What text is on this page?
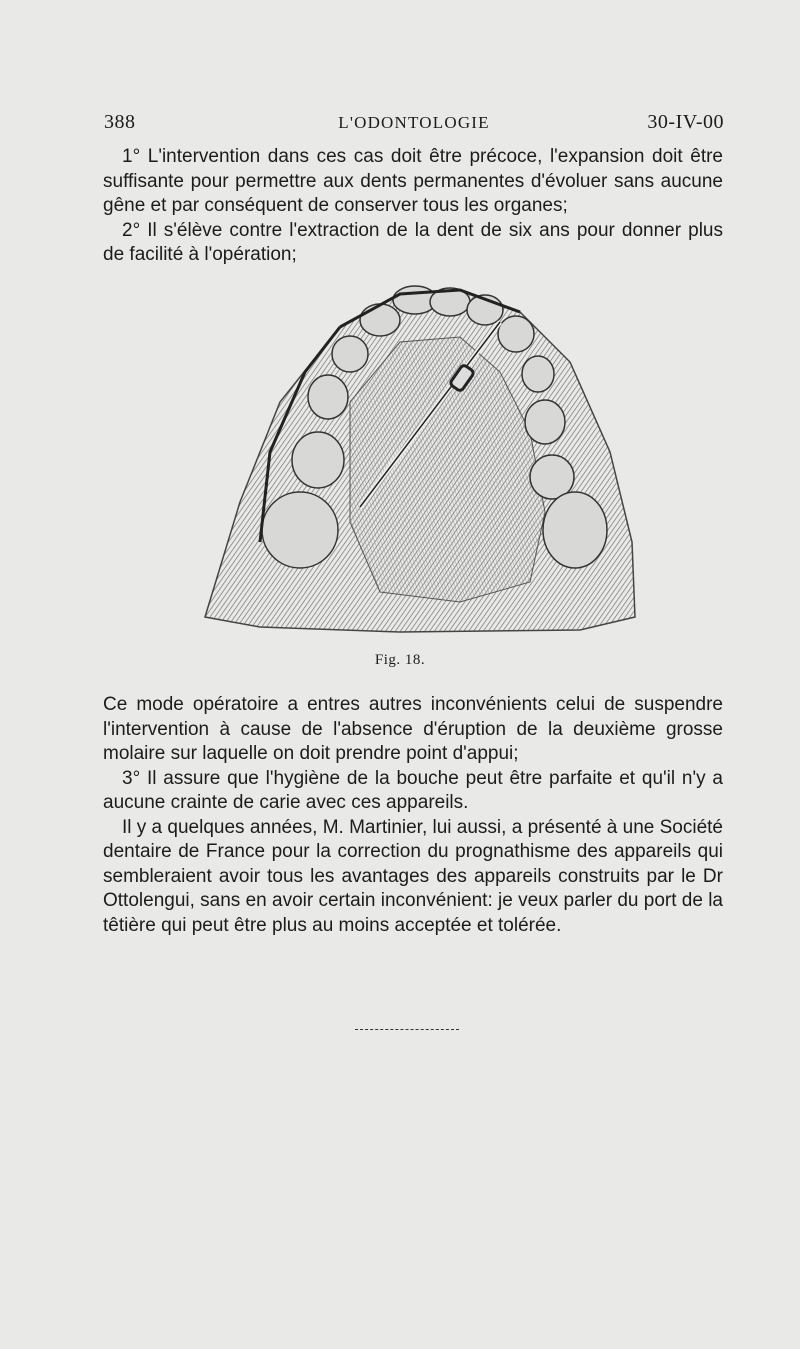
388	L'ODONTOLOGIE	30-IV-00

1° L'intervention dans ces cas doit être précoce, l'expansion doit être suffisante pour permettre aux dents permanentes d'évoluer sans aucune gêne et par conséquent de conserver tous les organes;

2° Il s'élève contre l'extraction de la dent de six ans pour donner plus de facilité à l'opération;

Fig. 18.

Ce mode opératoire a entres autres inconvénients celui de suspendre l'intervention à cause de l'absence d'éruption de la deuxième grosse molaire sur laquelle on doit prendre point d'appui;

3° Il assure que l'hygiène de la bouche peut être parfaite et qu'il n'y a aucune crainte de carie avec ces appareils.

Il y a quelques années, M. Martinier, lui aussi, a présenté à une Société dentaire de France pour la correction du prognathisme des appareils qui sembleraient avoir tous les avantages des appareils construits par le Dr Ottolengui, sans en avoir certain inconvénient: je veux parler du port de la têtière qui peut être plus au moins acceptée et tolérée.
